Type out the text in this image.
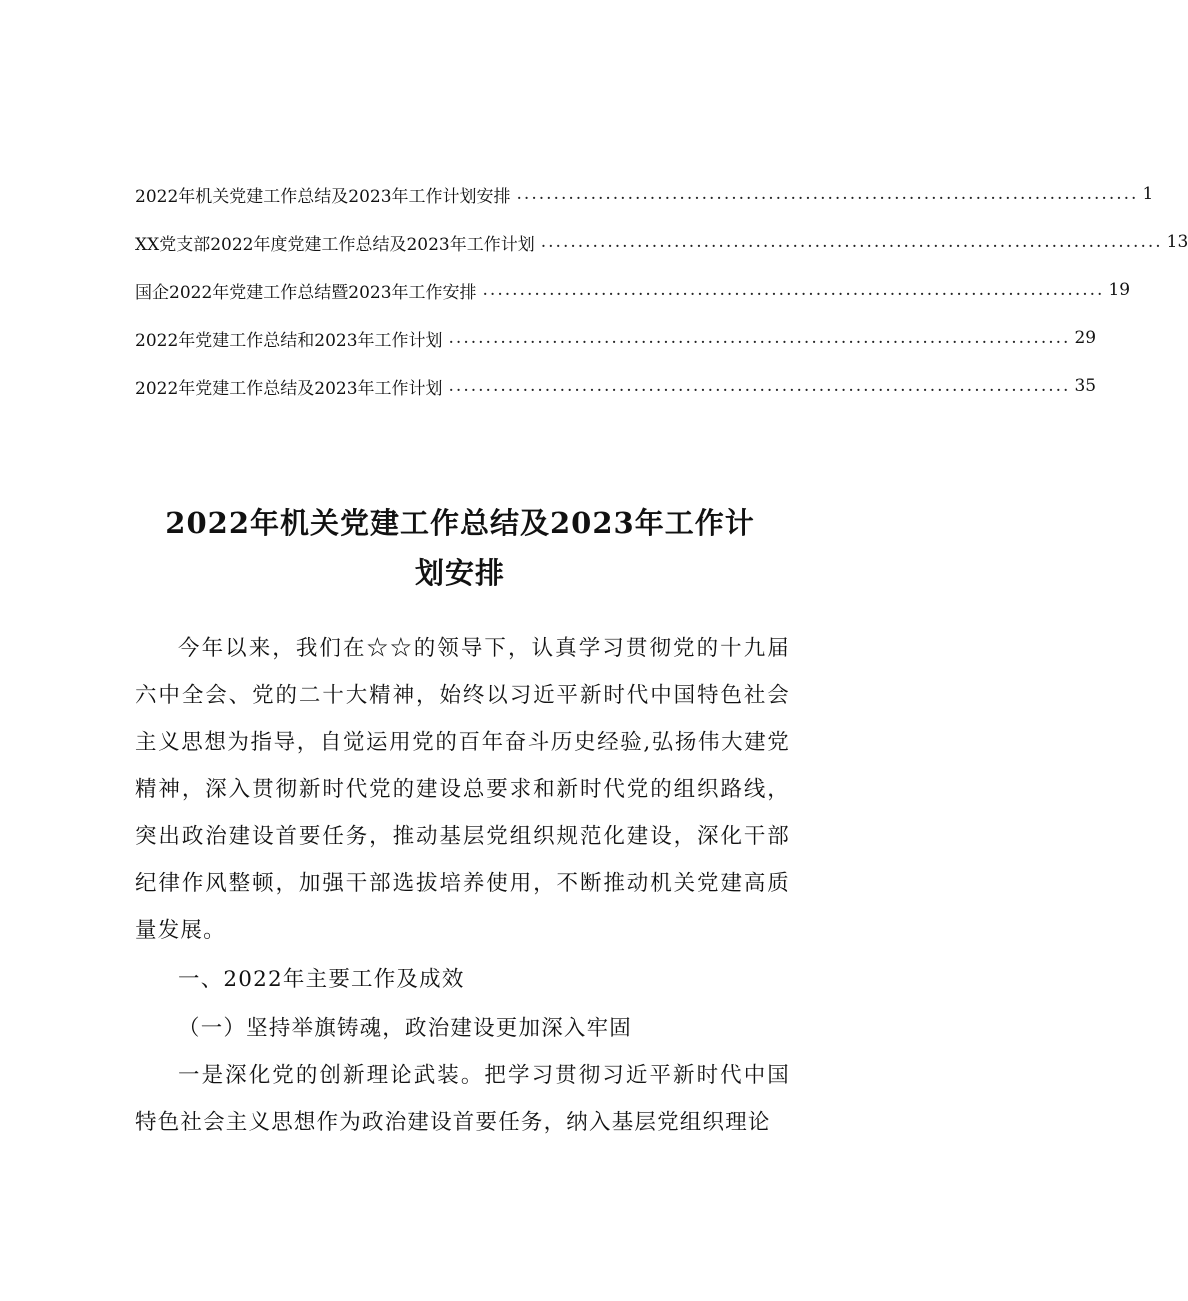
2022年机关党建工作总结及2023年工作计划安排 .................................................................................... 1
XX党支部2022年度党建工作总结及2023年工作计划 .................................................................................... 13
国企2022年党建工作总结暨2023年工作安排 .................................................................................... 19
2022年党建工作总结和2023年工作计划 .................................................................................... 29
2022年党建工作总结及2023年工作计划 .................................................................................... 35
2022年机关党建工作总结及2023年工作计
划安排

今年以来，我们在☆☆的领导下，认真学习贯彻党的十九届六中全会、党的二十大精神，始终以习近平新时代中国特色社会主义思想为指导，自觉运用党的百年奋斗历史经验,弘扬伟大建党精神，深入贯彻新时代党的建设总要求和新时代党的组织路线，突出政治建设首要任务，推动基层党组织规范化建设，深化干部纪律作风整顿，加强干部选拔培养使用，不断推动机关党建高质量发展。

一、2022年主要工作及成效

（一）坚持举旗铸魂，政治建设更加深入牢固

一是深化党的创新理论武装。把学习贯彻习近平新时代中国特色社会主义思想作为政治建设首要任务，纳入基层党组织理论
